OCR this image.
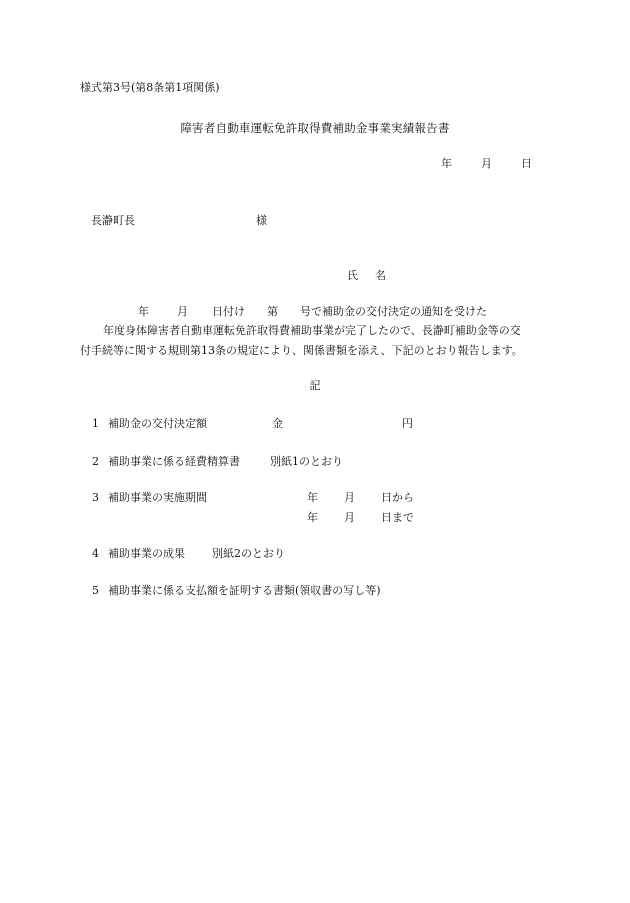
様式第3号(第8条第1項関係)
障害者自動車運転免許取得費補助金事業実績報告書
年	月	日
長瀞町長	様
氏 名
年	月 日付け 第 号で補助金の交付決定の通知を受けた
年度身体障害者自動車運転免許取得費補助事業が完了したので、長瀞町補助金等の交
付手続等に関する規則第13条の規定により、関係書類を添え、下記のとおり報告します。
記
1 補助金の交付決定額	金	円
2 補助事業に係る経費精算書	別紙1のとおり
3 補助事業の実施期間	年 月 日から
年 月 日まで
4 補助事業の成果 別紙2のとおり
5 補助事業に係る支払額を証明する書類(領収書の写し等)
